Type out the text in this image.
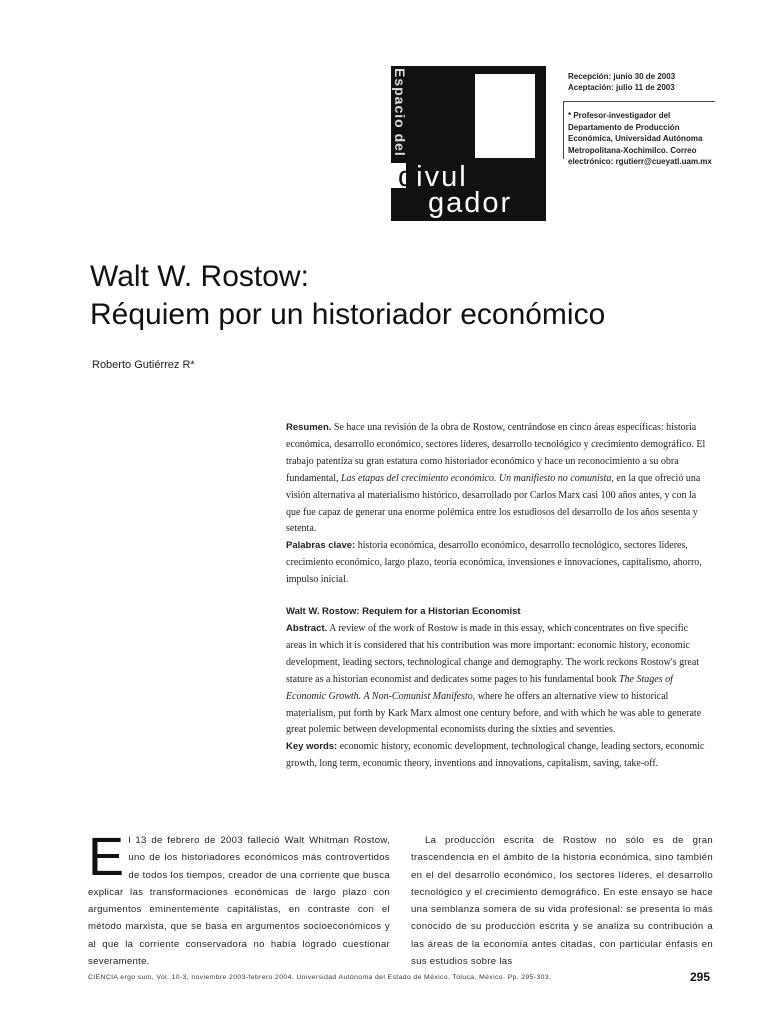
Espacio del
divul
gador
Recepción: junio 30 de 2003
Aceptación: julio 11 de 2003
* Profesor-investigador del Departamento de Producción Económica, Universidad Autónoma Metropolitana-Xochimilco. Correo electrónico: rgutierr@cueyatl.uam.mx
Walt W. Rostow:
Réquiem por un historiador económico
Roberto Gutiérrez R*

Resumen. Se hace una revisión de la obra de Rostow, centrándose en cinco áreas específicas: historia económica, desarrollo económico, sectores líderes, desarrollo tecnológico y crecimiento demográfico. El trabajo patentiza su gran estatura como historiador económico y hace un reconocimiento a su obra fundamental, Las etapas del crecimiento económico. Un manifiesto no comunista, en la que ofreció una visión alternativa al materialismo histórico, desarrollado por Carlos Marx casi 100 años antes, y con la que fue capaz de generar una enorme polémica entre los estudiosos del desarrollo de los años sesenta y setenta.

Palabras clave: historia económica, desarrollo económico, desarrollo tecnológico, sectores líderes, crecimiento económico, largo plazo, teoría económica, invensiones e innovaciones, capitalismo, ahorro, impulso inicial.

Walt W. Rostow: Requiem for a Historian Economist

Abstract. A review of the work of Rostow is made in this essay, which concentrates on five specific areas in which it is considered that his contribution was more important: economic history, economic development, leading sectors, technological change and demography. The work reckons Rostow's great stature as a historian economist and dedicates some pages to his fundamental book The Stages of Economic Growth. A Non-Comunist Manifesto, where he offers an alternative view to historical materialism, put forth by Kark Marx almost one century before, and with which he was able to generate great polemic between developmental economists during the sixties and seventies.

Key words: economic history, economic development, technological change, leading sectors, economic growth, long term, economic theory, inventions and innovations, capitalism, saving, take-off.

El 13 de febrero de 2003 falleció Walt Whitman Rostow, uno de los historiadores económicos más controvertidos de todos los tiempos, creador de una corriente que busca explicar las transformaciones económicas de largo plazo con argumentos eminentemente capitalistas, en contraste con el método marxista, que se basa en argumentos socioeconómicos y al que la corriente conservadora no había logrado cuestionar severamente.

La producción escrita de Rostow no sólo es de gran trascendencia en el ámbito de la historia económica, sino también en el del desarrollo económico, los sectores líderes, el desarrollo tecnológico y el crecimiento demográfico. En este ensayo se hace una semblanza somera de su vida profesional: se presenta lo más conocido de su producción escrita y se analiza su contribución a las áreas de la economía antes citadas, con particular énfasis en sus estudios sobre las

CIENCIA ergo sum, Vol. 10-3, noviembre 2003-febrero 2004. Universidad Autónoma del Estado de México, Toluca, México. Pp. 295-303.	295
